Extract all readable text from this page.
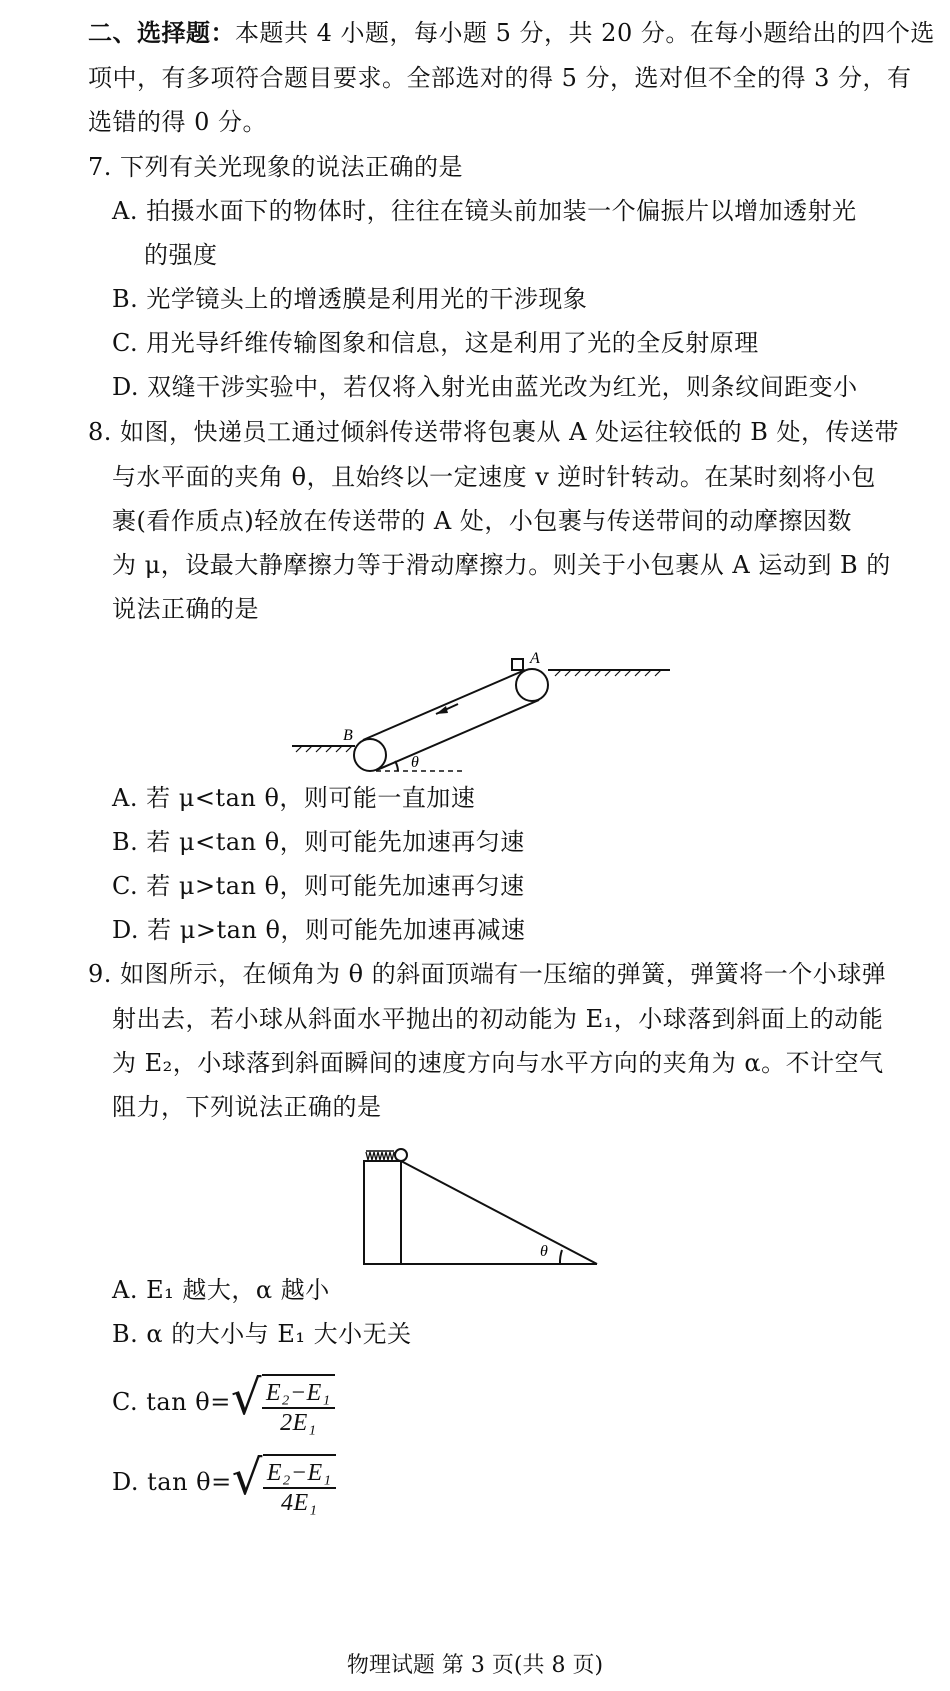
二、选择题：本题共 4 小题，每小题 5 分，共 20 分。在每小题给出的四个选
项中，有多项符合题目要求。全部选对的得 5 分，选对但不全的得 3 分，有
选错的得 0 分。
7. 下列有关光现象的说法正确的是
A. 拍摄水面下的物体时，往往在镜头前加装一个偏振片以增加透射光
的强度
B. 光学镜头上的增透膜是利用光的干涉现象
C. 用光导纤维传输图象和信息，这是利用了光的全反射原理
D. 双缝干涉实验中，若仅将入射光由蓝光改为红光，则条纹间距变小
8. 如图，快递员工通过倾斜传送带将包裹从 A 处运往较低的 B 处，传送带
与水平面的夹角 θ，且始终以一定速度 v 逆时针转动。在某时刻将小包
裹(看作质点)轻放在传送带的 A 处，小包裹与传送带间的动摩擦因数
为 μ，设最大静摩擦力等于滑动摩擦力。则关于小包裹从 A 运动到 B 的
说法正确的是
A
B
θ
A. 若 μ<tan θ，则可能一直加速
B. 若 μ<tan θ，则可能先加速再匀速
C. 若 μ>tan θ，则可能先加速再匀速
D. 若 μ>tan θ，则可能先加速再减速
9. 如图所示，在倾角为 θ 的斜面顶端有一压缩的弹簧，弹簧将一个小球弹
射出去，若小球从斜面水平抛出的初动能为 E₁，小球落到斜面上的动能
为 E₂，小球落到斜面瞬间的速度方向与水平方向的夹角为 α。不计空气
阻力，下列说法正确的是
θ
A. E₁ 越大，α 越小
B. α 的大小与 E₁ 大小无关
C. tan θ= √ $\frac{\text{E₂−E₁}}{\text{2E₁}}$
D. tan θ= √ $\frac{\text{E₂−E₁}}{\text{4E₁}}$
物理试题 第 3 页(共 8 页)
